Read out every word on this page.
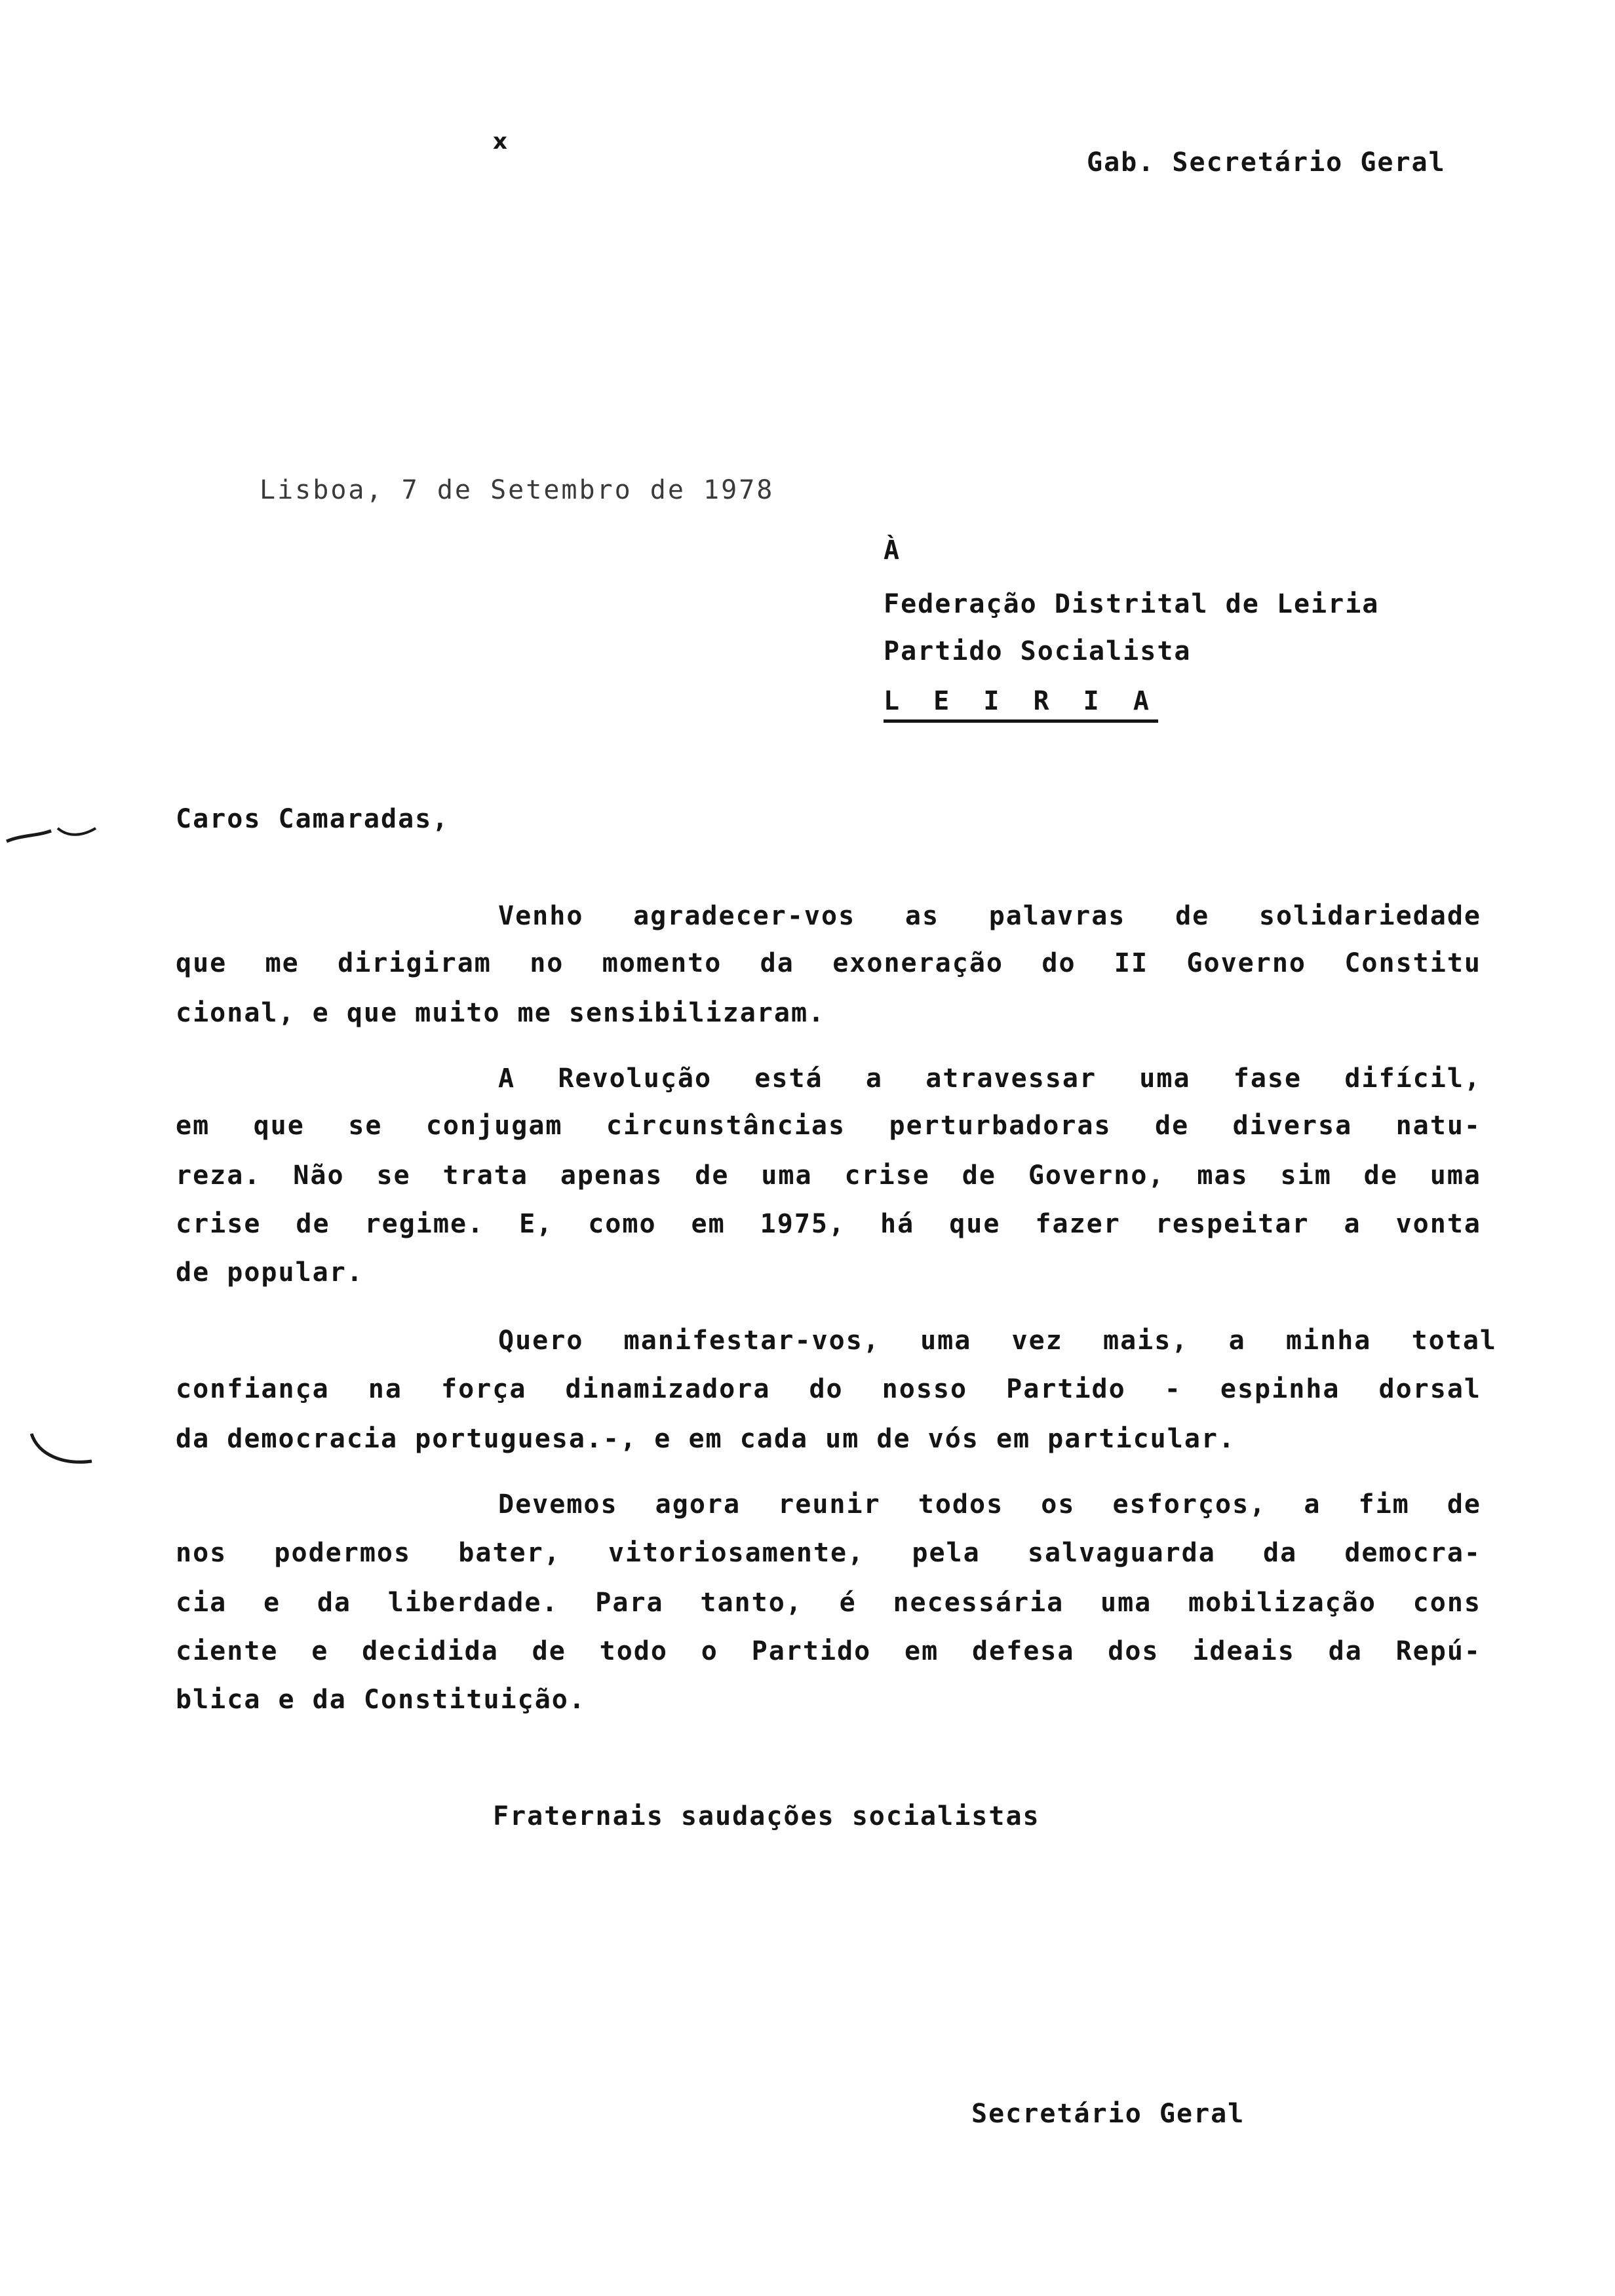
x
Gab. Secretário Geral
Lisboa, 7 de Setembro de 1978
À
Federação Distrital de Leiria
Partido Socialista
L E I R I A
Caros Camaradas,
Venho agradecer-vos as palavras de solidariedade
que me dirigiram no momento da exoneração do II Governo Constitu
cional, e que muito me sensibilizaram.
A Revolução está a atravessar uma fase difícil,
em que se conjugam circunstâncias perturbadoras de diversa natu-
reza. Não se trata apenas de uma crise de Governo, mas sim de uma
crise de regime. E, como em 1975, há que fazer respeitar a vonta
de popular.
Quero manifestar-vos, uma vez mais, a minha total
confiança na força dinamizadora do nosso Partido - espinha dorsal
da democracia portuguesa.-, e em cada um de vós em particular.
Devemos agora reunir todos os esforços, a fim de
nos podermos bater, vitoriosamente, pela salvaguarda da democra-
cia e da liberdade. Para tanto, é necessária uma mobilização cons
ciente e decidida de todo o Partido em defesa dos ideais da Repú-
blica e da Constituição.
Fraternais saudações socialistas
Secretário Geral
